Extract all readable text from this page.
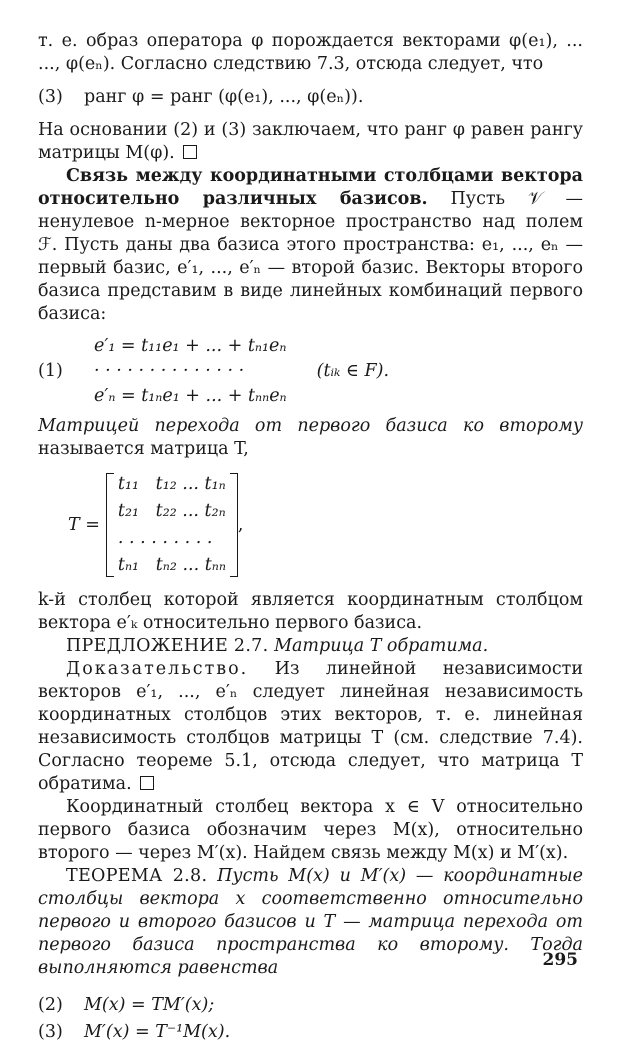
т. е. образ оператора φ порождается векторами φ(e₁), ... ..., φ(eₙ). Согласно следствию 7.3, отсюда следует, что

(3)	ранг φ = ранг (φ(e₁), ..., φ(eₙ)).

На основании (2) и (3) заключаем, что ранг φ равен рангу матрицы M(φ).

Связь между координатными столбцами вектора относительно различных базисов. Пусть 𝒱 — ненулевое n-мерное векторное пространство над полем ℱ. Пусть даны два базиса этого пространства: e₁, ..., eₙ — первый базис, e′₁, ..., e′ₙ — второй базис. Векторы второго базиса представим в виде линейных комбинаций первого базиса:

(1)
e′₁ = t₁₁e₁ + ... + tₙ₁eₙ
· · · · · · · · · · · · · ·
e′ₙ = t₁ₙe₁ + ... + tₙₙeₙ
(tᵢₖ ∈ F).

Матрицей перехода от первого базиса ко второму называется матрица T,

T =
t₁₁   t₁₂ ... t₁ₙ
t₂₁   t₂₂ ... t₂ₙ
. . . . . . . . .
tₙ₁   tₙ₂ ... tₙₙ
,

k-й столбец которой является координатным столбцом вектора e′ₖ относительно первого базиса.

ПРЕДЛОЖЕНИЕ 2.7. Матрица T обратима.

Доказательство. Из линейной независимости векторов e′₁, ..., e′ₙ следует линейная независимость координатных столбцов этих векторов, т. е. линейная независимость столбцов матрицы T (см. следствие 7.4). Согласно теореме 5.1, отсюда следует, что матрица T обратима.

Координатный столбец вектора x ∈ V относительно первого базиса обозначим через M(x), относительно второго — через M′(x). Найдем связь между M(x) и M′(x).

ТЕОРЕМА 2.8. Пусть M(x) и M′(x) — координатные столбцы вектора x соответственно относительно первого и второго базисов и T — матрица перехода от первого базиса пространства ко второму. Тогда выполняются равенства

(2)	M(x) = TM′(x);
(3)	M′(x) = T⁻¹M(x).
295
